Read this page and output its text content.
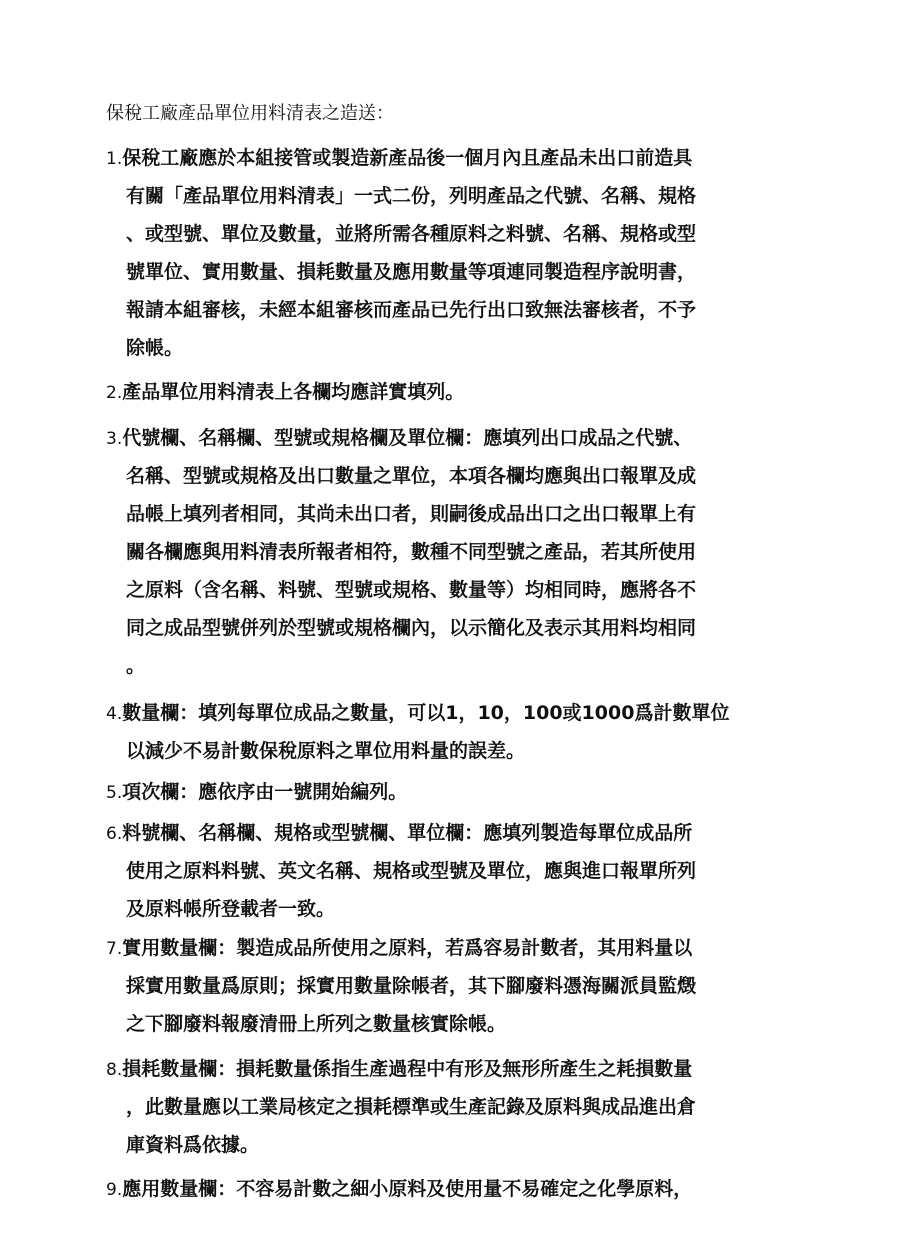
保稅工廠產品單位用料清表之造送：
1.保稅工廠應於本組接管或製造新產品後一個月內且產品未出口前造具
有關「產品單位用料清表」一式二份，列明產品之代號、名稱、規格
、或型號、單位及數量，並將所需各種原料之料號、名稱、規格或型
號單位、實用數量、損耗數量及應用數量等項連同製造程序說明書，
報請本組審核，未經本組審核而產品已先行出口致無法審核者，不予
除帳。
2.產品單位用料清表上各欄均應詳實填列。
3.代號欄、名稱欄、型號或規格欄及單位欄：應填列出口成品之代號、
名稱、型號或規格及出口數量之單位，本項各欄均應與出口報單及成
品帳上填列者相同，其尚未出口者，則嗣後成品出口之出口報單上有
關各欄應與用料清表所報者相符，數種不同型號之產品，若其所使用
之原料（含名稱、料號、型號或規格、數量等）均相同時，應將各不
同之成品型號併列於型號或規格欄內，以示簡化及表示其用料均相同
。
4.數量欄：填列每單位成品之數量，可以1，10，100或1000爲計數單位
以減少不易計數保稅原料之單位用料量的誤差。
5.項次欄：應依序由一號開始編列。
6.料號欄、名稱欄、規格或型號欄、單位欄：應填列製造每單位成品所
使用之原料料號、英文名稱、規格或型號及單位，應與進口報單所列
及原料帳所登載者一致。
7.實用數量欄：製造成品所使用之原料，若爲容易計數者，其用料量以
採實用數量爲原則；採實用數量除帳者，其下腳廢料憑海關派員監燬
之下腳廢料報廢清冊上所列之數量核實除帳。
8.損耗數量欄：損耗數量係指生產過程中有形及無形所產生之耗損數量
，此數量應以工業局核定之損耗標準或生產記錄及原料與成品進出倉
庫資料爲依據。
9.應用數量欄：不容易計數之細小原料及使用量不易確定之化學原料，
